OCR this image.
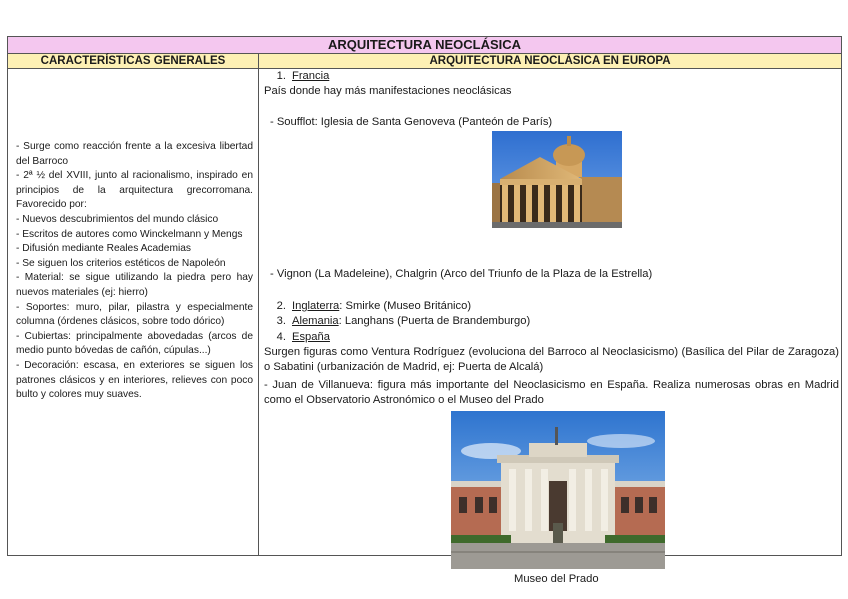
ARQUITECTURA NEOCLÁSICA
CARACTERÍSTICAS GENERALES	ARQUITECTURA NEOCLÁSICA EN EUROPA

- Surge como reacción frente a la excesiva libertad del Barroco

- 2ª ½ del XVIII, junto al racionalismo, inspirado en principios de la arquitectura grecorromana. Favorecido por:

- Nuevos descubrimientos del mundo clásico

- Escritos de autores como Winckelmann y Mengs

- Difusión mediante Reales Academias

- Se siguen los criterios estéticos de Napoleón

- Material: se sigue utilizando la piedra pero hay nuevos materiales (ej: hierro)

- Soportes: muro, pilar, pilastra y especialmente columna (órdenes clásicos, sobre todo dórico)

- Cubiertas: principalmente abovedadas (arcos de medio punto bóvedas de cañón, cúpulas...)

- Decoración: escasa, en exteriores se siguen los patrones clásicos y en interiores, relieves con poco bulto y colores muy suaves.

1. Francia
País donde hay más manifestaciones neoclásicas
- Soufflot: Iglesia de Santa Genoveva (Panteón de París)
- Vignon (La Madeleine), Chalgrin (Arco del Triunfo de la Plaza de la Estrella)
2. Inglaterra: Smirke (Museo Británico)
3. Alemania: Langhans (Puerta de Brandemburgo)
4. España
Surgen figuras como Ventura Rodríguez (evoluciona del Barroco al Neoclasicismo) (Basílica del Pilar de Zaragoza) o Sabatini (urbanización de Madrid, ej: Puerta de Alcalá)
- Juan de Villanueva: figura más importante del Neoclasicismo en España. Realiza numerosas obras en Madrid como el Observatorio Astronómico o el Museo del Prado
Museo del Prado
